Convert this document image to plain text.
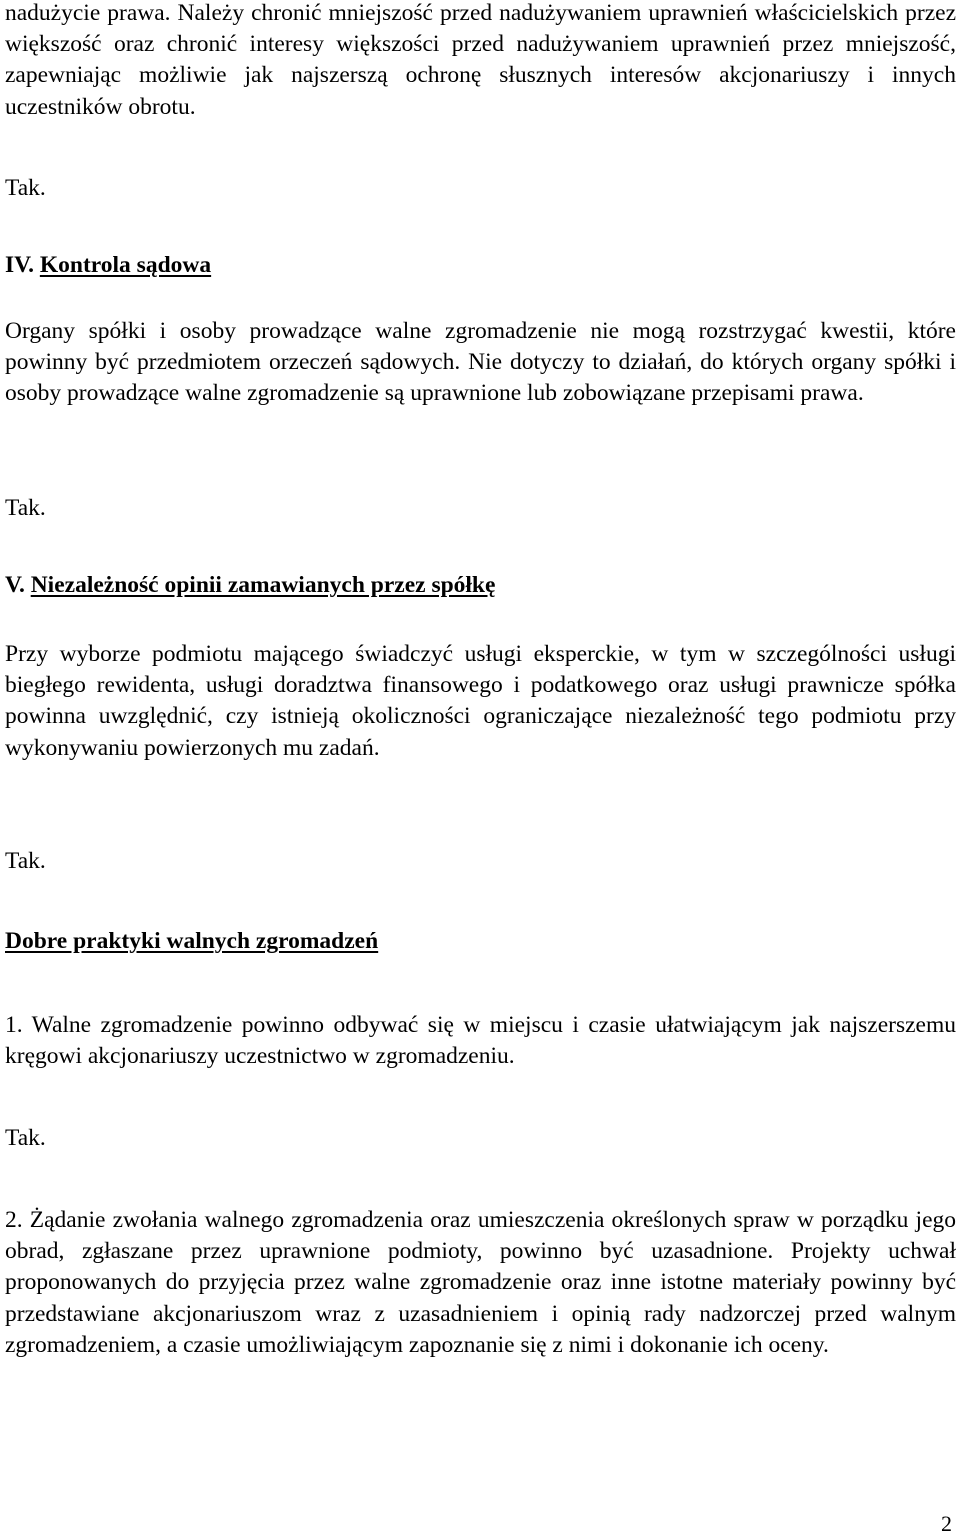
nadużycie prawa. Należy chronić mniejszość przed nadużywaniem uprawnień właścicielskich przez większość oraz chronić interesy większości przed nadużywaniem uprawnień przez mniejszość, zapewniając możliwie jak najszerszą ochronę słusznych interesów akcjonariuszy i innych uczestników obrotu.

Tak.

IV. Kontrola sądowa

Organy spółki i osoby prowadzące walne zgromadzenie nie mogą rozstrzygać kwestii, które powinny być przedmiotem orzeczeń sądowych. Nie dotyczy to działań, do których organy spółki i osoby prowadzące walne zgromadzenie są uprawnione lub zobowiązane przepisami prawa.

Tak.

V. Niezależność opinii zamawianych przez spółkę

Przy wyborze podmiotu mającego świadczyć usługi eksperckie, w tym w szczególności usługi biegłego rewidenta, usługi doradztwa finansowego i podatkowego oraz usługi prawnicze spółka powinna uwzględnić, czy istnieją okoliczności ograniczające niezależność tego podmiotu przy wykonywaniu powierzonych mu zadań.

Tak.

Dobre praktyki walnych zgromadzeń

1. Walne zgromadzenie powinno odbywać się w miejscu i czasie ułatwiającym jak najszerszemu kręgowi akcjonariuszy uczestnictwo w zgromadzeniu.

Tak.

2. Żądanie zwołania walnego zgromadzenia oraz umieszczenia określonych spraw w porządku jego obrad, zgłaszane przez uprawnione podmioty, powinno być uzasadnione. Projekty uchwał proponowanych do przyjęcia przez walne zgromadzenie oraz inne istotne materiały powinny być przedstawiane akcjonariuszom wraz z uzasadnieniem i opinią rady nadzorczej przed walnym zgromadzeniem, a czasie umożliwiającym zapoznanie się z nimi i dokonanie ich oceny.

2
